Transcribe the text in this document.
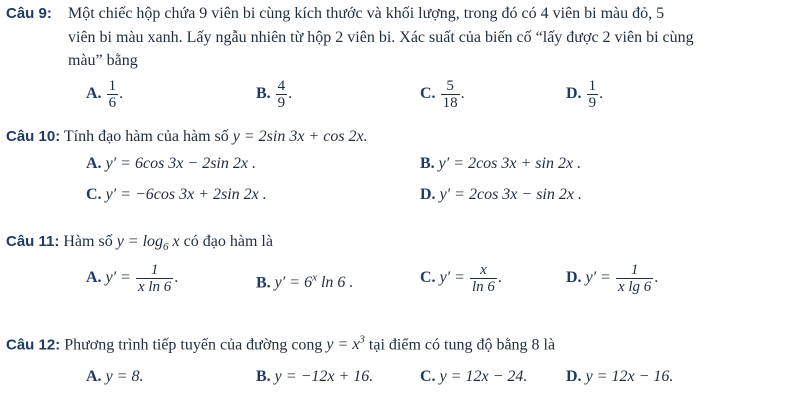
Câu 9: Một chiếc hộp chứa 9 viên bi cùng kích thước và khối lượng, trong đó có 4 viên bi màu đỏ, 5
viên bi màu xanh. Lấy ngẫu nhiên từ hộp 2 viên bi. Xác suất của biến cố “lấy được 2 viên bi cùng
màu” bằng
A. $\frac{1}{6}$ .	B. $\frac{4}{9}$ .	C. $\frac{5}{18}$ .	D. $\frac{1}{9}$ .
Câu 10: Tính đạo hàm của hàm số y = 2sin 3x + cos 2x.
A. y′ = 6cos 3x − 2sin 2x .	B. y′ = 2cos 3x + sin 2x .
C. y′ = −6cos 3x + 2sin 2x .	D. y′ = 2cos 3x − sin 2x .
Câu 11: Hàm số $y = \log_6 x$ có đạo hàm là
A. $y' = \frac{1}{\text{x ln 6}}$ .	B. $y' = 6^x$ ln 6 .	C. $y' = \frac{x}{\ln 6}$ .	D. $y' = \frac{1}{\text{x lg 6}}$ .
Câu 12: Phương trình tiếp tuyến của đường cong $y = x^3$ tại điểm có tung độ bằng 8 là
A. y = 8.	B. y = −12x + 16.	C. y = 12x − 24. D. y = 12x − 16.
